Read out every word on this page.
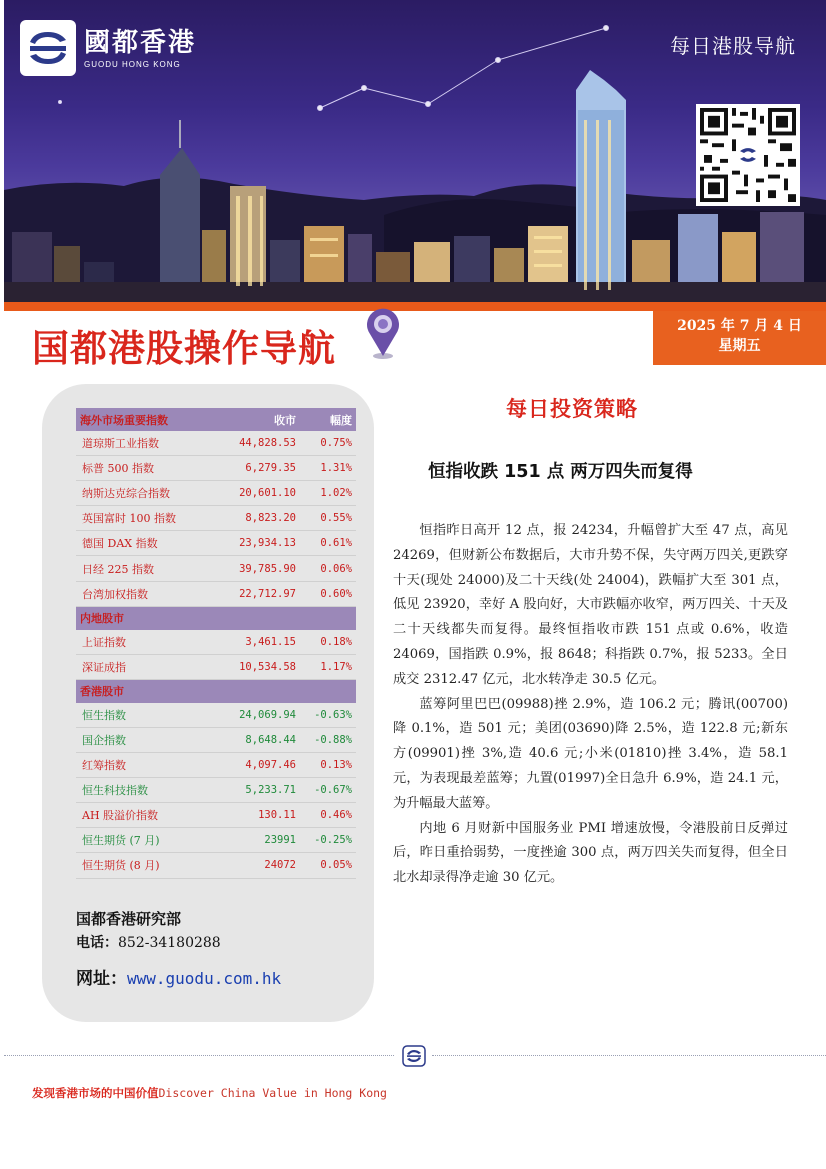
國都香港
GUODU HONG KONG
每日港股导航
国都港股操作导航
2025 年 7 月 4 日
星期五
海外市场重要指数	收市	幅度
道琼斯工业指数	44,828.53	0.75%
标普 500 指数	6,279.35	1.31%
纳斯达克综合指数	20,601.10	1.02%
英国富时 100 指数	8,823.20	0.55%
德国 DAX 指数	23,934.13	0.61%
日经 225 指数	39,785.90	0.06%
台湾加权指数	22,712.97	0.60%
内地股市
上证指数	3,461.15	0.18%
深证成指	10,534.58	1.17%
香港股市
恒生指数	24,069.94	-0.63%
国企指数	8,648.44	-0.88%
红筹指数	4,097.46	0.13%
恒生科技指数	5,233.71	-0.67%
AH 股溢价指数	130.11	0.46%
恒生期货 (7 月)	23991	-0.25%
恒生期货 (8 月)	24072	0.05%
国都香港研究部
电话：852-34180288
网址：www.guodu.com.hk
每日投资策略
恒指收跌 151 点 两万四失而复得

恒指昨日高开 12 点，报 24234，升幅曾扩大至 47 点，高见 24269，但财新公布数据后，大市升势不保，失守两万四关,更跌穿十天(现处 24000)及二十天线(处 24004)，跌幅扩大至 301 点，低见 23920，幸好 A 股向好，大市跌幅亦收窄，两万四关、十天及二十天线都失而复得。最终恒指收市跌 151 点或 0.6%，收造 24069，国指跌 0.9%，报 8648；科指跌 0.7%，报 5233。全日成交 2312.47 亿元，北水转净走 30.5 亿元。

蓝筹阿里巴巴(09988)挫 2.9%，造 106.2 元；腾讯(00700)降 0.1%，造 501 元；美团(03690)降 2.5%，造 122.8 元;新东方(09901)挫 3%,造 40.6 元;小米(01810)挫 3.4%，造 58.1 元，为表现最差蓝筹；九置(01997)全日急升 6.9%，造 24.1 元，为升幅最大蓝筹。

内地 6 月财新中国服务业 PMI 增速放慢，令港股前日反弹过后，昨日重拾弱势，一度挫逾 300 点，两万四关失而复得，但全日北水却录得净走逾 30 亿元。

发现香港市场的中国价值Discover China Value in Hong Kong
